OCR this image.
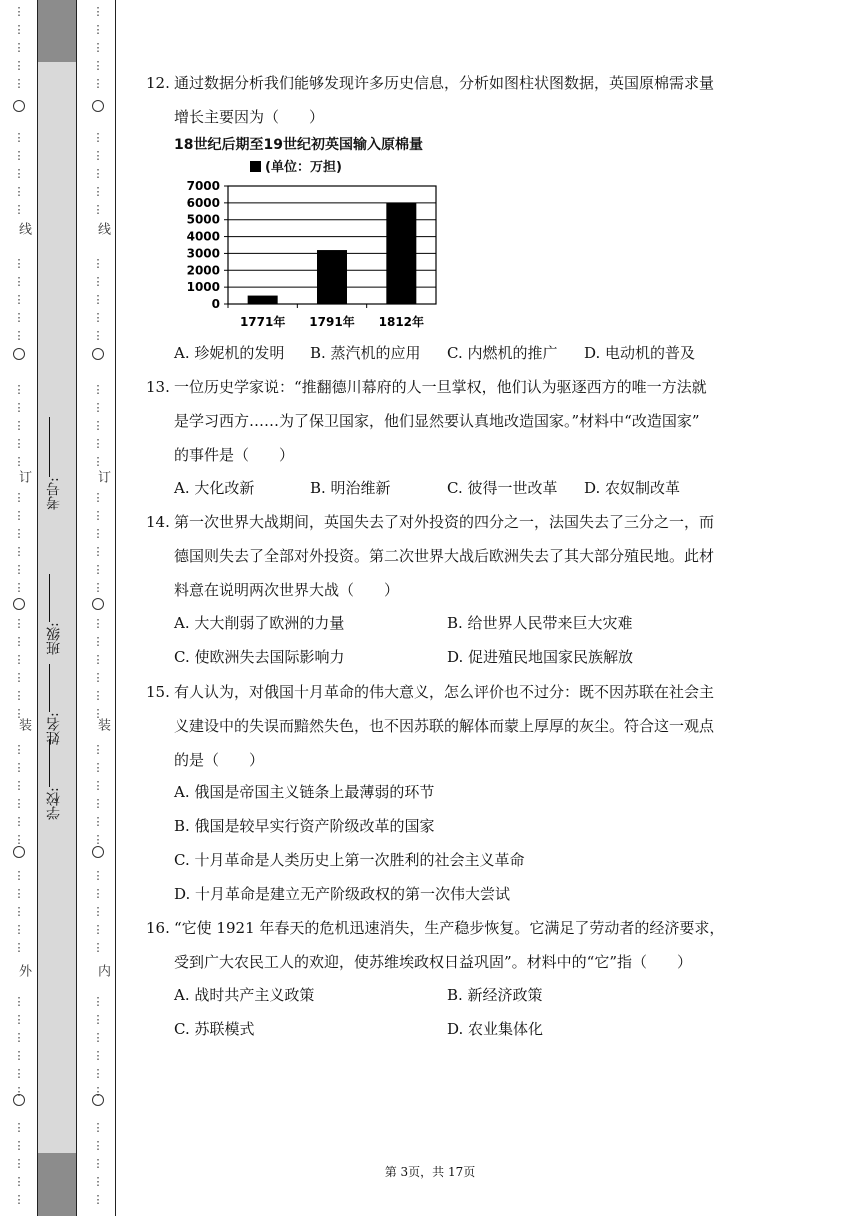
⋮
⋮
⋮
⋮
⋮
⋮
⋮
⋮
⋮
⋮
⋮
⋮
⋮
⋮
⋮
⋮
⋮
⋮
⋮
⋮
⋮
⋮
⋮
⋮
⋮
⋮
⋮
⋮
⋮
⋮
⋮
⋮
⋮
⋮
⋮
⋮
⋮
⋮
⋮
⋮
⋮
⋮
⋮
⋮
⋮
⋮
⋮
⋮
⋮
⋮
⋮
⋮
⋮
⋮
线
订
装
外
学校:
姓名:
班级:
考号:
⋮
⋮
⋮
⋮
⋮
⋮
⋮
⋮
⋮
⋮
⋮
⋮
⋮
⋮
⋮
⋮
⋮
⋮
⋮
⋮
⋮
⋮
⋮
⋮
⋮
⋮
⋮
⋮
⋮
⋮
⋮
⋮
⋮
⋮
⋮
⋮
⋮
⋮
⋮
⋮
⋮
⋮
⋮
⋮
⋮
⋮
⋮
⋮
⋮
⋮
⋮
⋮
⋮
⋮
线
订
装
内
12. 通过数据分析我们能够发现许多历史信息，分析如图柱状图数据，英国原棉需求量
增长主要因为（　　）
18世纪后期至19世纪初英国输入原棉量
(单位：万担)
0
1000
2000
3000
4000
5000
6000
7000
1771年 1791年 1812年
A. 珍妮机的发明 B. 蒸汽机的应用 C. 内燃机的推广 D. 电动机的普及
13. 一位历史学家说：“推翻德川幕府的人一旦掌权，他们认为驱逐西方的唯一方法就
是学习西方……为了保卫国家，他们显然要认真地改造国家。”材料中“改造国家”
的事件是（　　）
A. 大化改新	B. 明治维新	C. 彼得一世改革 D. 农奴制改革
14. 第一次世界大战期间，英国失去了对外投资的四分之一，法国失去了三分之一，而
德国则失去了全部对外投资。第二次世界大战后欧洲失去了其大部分殖民地。此材
料意在说明两次世界大战（　　）
A. 大大削弱了欧洲的力量	B. 给世界人民带来巨大灾难
C. 使欧洲失去国际影响力	D. 促进殖民地国家民族解放
15. 有人认为，对俄国十月革命的伟大意义，怎么评价也不过分：既不因苏联在社会主
义建设中的失误而黯然失色，也不因苏联的解体而蒙上厚厚的灰尘。符合这一观点
的是（　　）
A. 俄国是帝国主义链条上最薄弱的环节
B. 俄国是较早实行资产阶级改革的国家
C. 十月革命是人类历史上第一次胜利的社会主义革命
D. 十月革命是建立无产阶级政权的第一次伟大尝试
16. “它使 1921 年春天的危机迅速消失，生产稳步恢复。它满足了劳动者的经济要求，
受到广大农民工人的欢迎，使苏维埃政权日益巩固”。材料中的“它”指（　　）
A. 战时共产主义政策	B. 新经济政策
C. 苏联模式	D. 农业集体化
第 3页，共 17页
